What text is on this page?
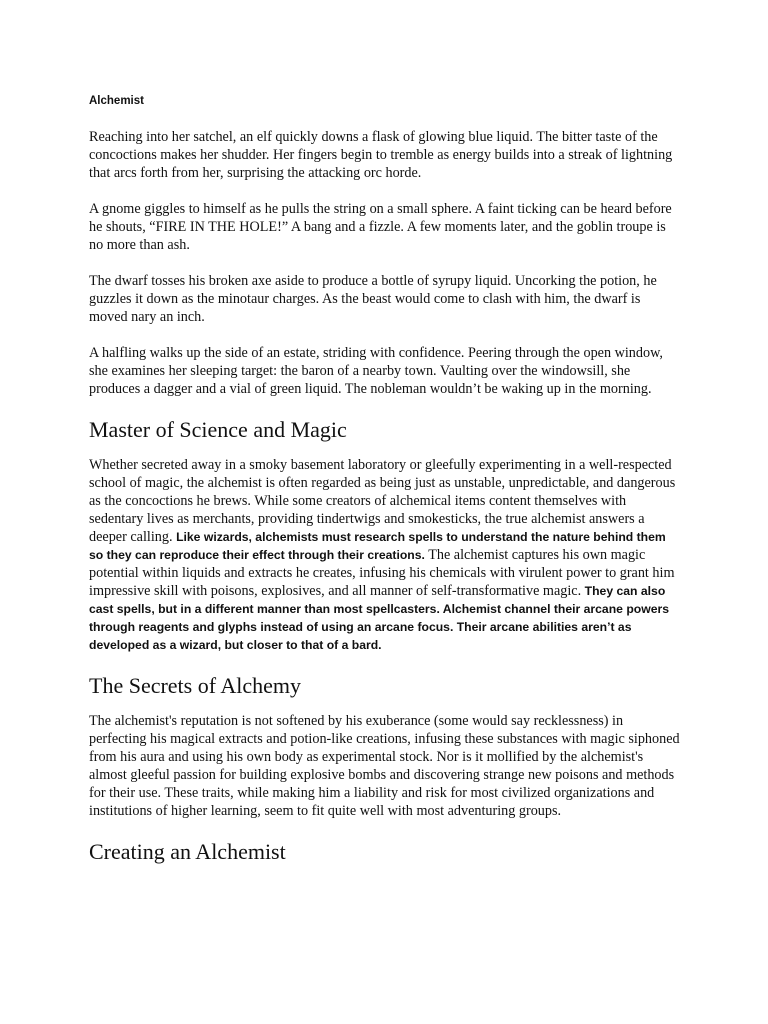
Alchemist

Reaching into her satchel, an elf quickly downs a flask of glowing blue liquid. The bitter taste of the concoctions makes her shudder. Her fingers begin to tremble as energy builds into a streak of lightning that arcs forth from her, surprising the attacking orc horde.

A gnome giggles to himself as he pulls the string on a small sphere. A faint ticking can be heard before he shouts, “FIRE IN THE HOLE!” A bang and a fizzle. A few moments later, and the goblin troupe is no more than ash.

The dwarf tosses his broken axe aside to produce a bottle of syrupy liquid. Uncorking the potion, he guzzles it down as the minotaur charges. As the beast would come to clash with him, the dwarf is moved nary an inch.

A halfling walks up the side of an estate, striding with confidence. Peering through the open window, she examines her sleeping target: the baron of a nearby town. Vaulting over the windowsill, she produces a dagger and a vial of green liquid. The nobleman wouldn’t be waking up in the morning.

Master of Science and Magic

Whether secreted away in a smoky basement laboratory or gleefully experimenting in a well-respected school of magic, the alchemist is often regarded as being just as unstable, unpredictable, and dangerous as the concoctions he brews. While some creators of alchemical items content themselves with sedentary lives as merchants, providing tindertwigs and smokesticks, the true alchemist answers a deeper calling. Like wizards, alchemists must research spells to understand the nature behind them so they can reproduce their effect through their creations. The alchemist captures his own magic potential within liquids and extracts he creates, infusing his chemicals with virulent power to grant him impressive skill with poisons, explosives, and all manner of self-transformative magic. They can also cast spells, but in a different manner than most spellcasters. Alchemist channel their arcane powers through reagents and glyphs instead of using an arcane focus. Their arcane abilities aren’t as developed as a wizard, but closer to that of a bard.

The Secrets of Alchemy

The alchemist's reputation is not softened by his exuberance (some would say recklessness) in perfecting his magical extracts and potion-like creations, infusing these substances with magic siphoned from his aura and using his own body as experimental stock. Nor is it mollified by the alchemist's almost gleeful passion for building explosive bombs and discovering strange new poisons and methods for their use. These traits, while making him a liability and risk for most civilized organizations and institutions of higher learning, seem to fit quite well with most adventuring groups.

Creating an Alchemist
